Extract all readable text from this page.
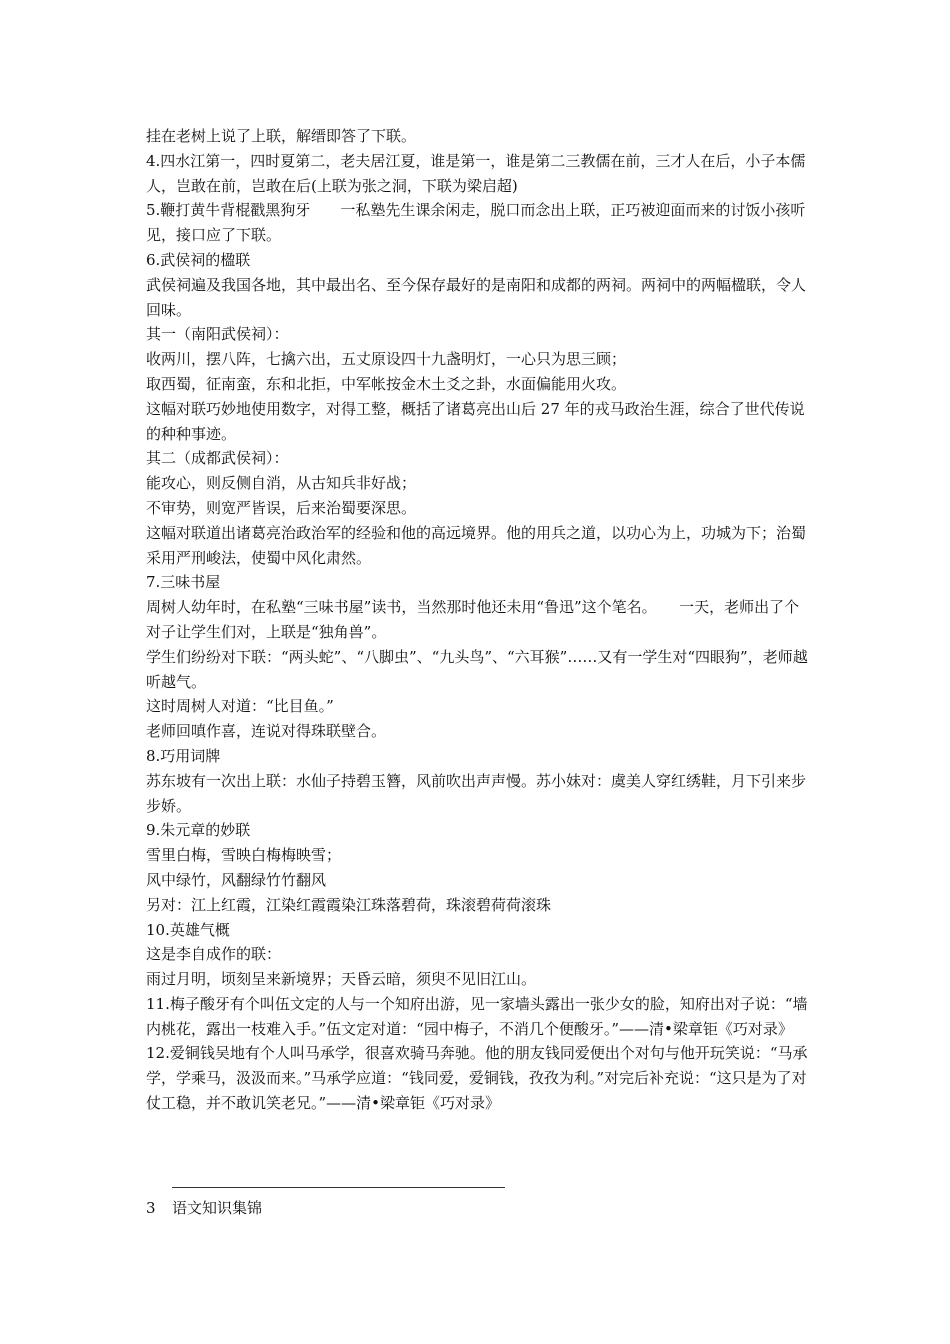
挂在老树上说了上联，解缙即答了下联。

4.四水江第一，四时夏第二，老夫居江夏，谁是第一，谁是第二三教儒在前，三才人在后，小子本儒人，岂敢在前，岂敢在后(上联为张之洞，下联为梁启超)

5.鞭打黄牛背棍戳黑狗牙　　一私塾先生课余闲走，脱口而念出上联，正巧被迎面而来的讨饭小孩听见，接口应了下联。

6.武侯祠的楹联

武侯祠遍及我国各地，其中最出名、至今保存最好的是南阳和成都的两祠。两祠中的两幅楹联，令人回味。

其一（南阳武侯祠）：

收两川，摆八阵，七擒六出，五丈原设四十九盏明灯，一心只为思三顾；

取西蜀，征南蛮，东和北拒，中军帐按金木土爻之卦，水面偏能用火攻。

这幅对联巧妙地使用数字，对得工整，概括了诸葛亮出山后 27 年的戎马政治生涯，综合了世代传说的种种事迹。

其二（成都武侯祠）：

能攻心，则反侧自消，从古知兵非好战；

不审势，则宽严皆误，后来治蜀要深思。

这幅对联道出诸葛亮治政治军的经验和他的高远境界。他的用兵之道，以功心为上，功城为下；治蜀采用严刑峻法，使蜀中风化肃然。

7.三味书屋

周树人幼年时，在私塾“三味书屋”读书，当然那时他还未用“鲁迅”这个笔名。　　一天，老师出了个对子让学生们对，上联是“独角兽”。

学生们纷纷对下联：“两头蛇”、“八脚虫”、“九头鸟”、“六耳猴”……又有一学生对“四眼狗”，老师越听越气。

这时周树人对道：“比目鱼。”

老师回嗔作喜，连说对得珠联壁合。

8.巧用词牌

苏东坡有一次出上联：水仙子持碧玉簪，风前吹出声声慢。苏小妹对：虞美人穿红绣鞋，月下引来步步娇。

9.朱元章的妙联

雪里白梅，雪映白梅梅映雪；

风中绿竹，风翻绿竹竹翻风

另对：江上红霞，江染红霞霞染江珠落碧荷，珠滚碧荷荷滚珠

10.英雄气概

这是李自成作的联：

雨过月明，顷刻呈来新境界；天昏云暗，须臾不见旧江山。

11.梅子酸牙有个叫伍文定的人与一个知府出游，见一家墙头露出一张少女的脸，知府出对子说：“墙内桃花，露出一枝难入手。”伍文定对道：“园中梅子，不消几个便酸牙。”——清•梁章钜《巧对录》

12.爱铜钱吴地有个人叫马承学，很喜欢骑马奔驰。他的朋友钱同爱便出个对句与他开玩笑说：“马承学，学乘马，汲汲而来。”马承学应道：“钱同爱，爱铜钱，孜孜为利。”对完后补充说：“这只是为了对仗工稳，并不敢讥笑老兄。”——清•梁章钜《巧对录》

3 语文知识集锦
